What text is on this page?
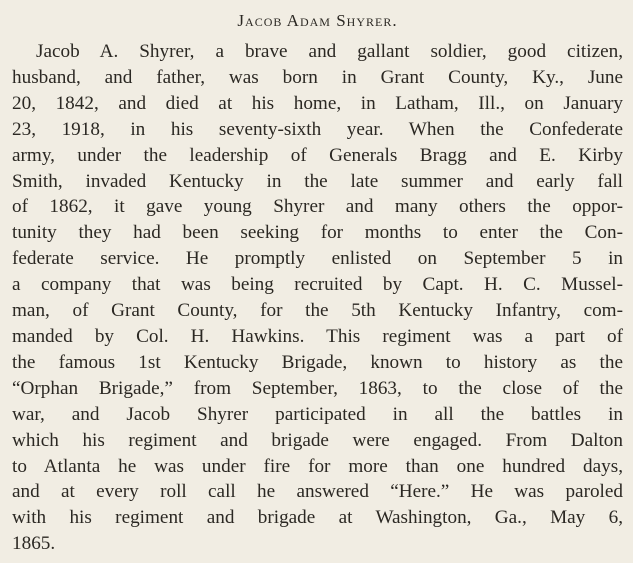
Jacob Adam Shyrer.
Jacob A. Shyrer, a brave and gallant soldier, good citizen,
husband, and father, was born in Grant County, Ky., June
20, 1842, and died at his home, in Latham, Ill., on January
23, 1918, in his seventy-sixth year. When the Confederate
army, under the leadership of Generals Bragg and E. Kirby
Smith, invaded Kentucky in the late summer and early fall
of 1862, it gave young Shyrer and many others the oppor-
tunity they had been seeking for months to enter the Con-
federate service. He promptly enlisted on September 5 in
a company that was being recruited by Capt. H. C. Mussel-
man, of Grant County, for the 5th Kentucky Infantry, com-
manded by Col. H. Hawkins. This regiment was a part of
the famous 1st Kentucky Brigade, known to history as the
“Orphan Brigade,” from September, 1863, to the close of the
war, and Jacob Shyrer participated in all the battles in
which his regiment and brigade were engaged. From Dalton
to Atlanta he was under fire for more than one hundred days,
and at every roll call he answered “Here.” He was paroled
with his regiment and brigade at Washington, Ga., May 6,
1865.
